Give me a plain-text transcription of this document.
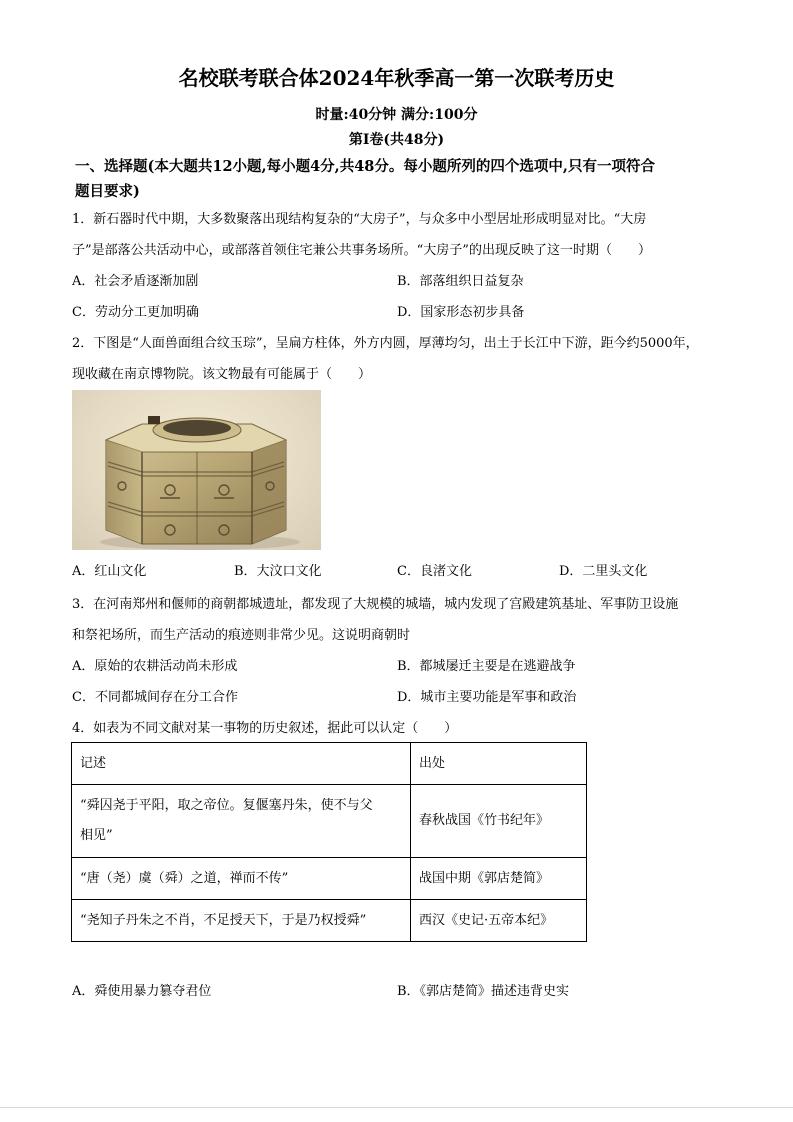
名校联考联合体2024年秋季高一第一次联考历史
时量:40分钟 满分:100分
第Ⅰ卷(共48分)
一、选择题(本大题共12小题,每小题4分,共48分。每小题所列的四个选项中,只有一项符合
题目要求)
1．新石器时代中期，大多数聚落出现结构复杂的“大房子”，与众多中小型居址形成明显对比。“大房
子”是部落公共活动中心，或部落首领住宅兼公共事务场所。“大房子”的出现反映了这一时期（　　）
A．社会矛盾逐渐加剧	B．部落组织日益复杂
C．劳动分工更加明确	D．国家形态初步具备
2．下图是“人面兽面组合纹玉琮”，呈扁方柱体，外方内圆，厚薄均匀，出土于长江中下游，距今约5000年，
现收藏在南京博物院。该文物最有可能属于（　　）
A．红山文化	B．大汶口文化	C．良渚文化	D．二里头文化
3．在河南郑州和偃师的商朝都城遗址，都发现了大规模的城墙，城内发现了宫殿建筑基址、军事防卫设施
和祭祀场所，而生产活动的痕迹则非常少见。这说明商朝时
A．原始的农耕活动尚未形成	B．都城屡迁主要是在逃避战争
C．不同都城间存在分工合作	D．城市主要功能是军事和政治
4．如表为不同文献对某一事物的历史叙述，据此可以认定（　　）
记述	出处

“舜囚尧于平阳，取之帝位。复偃塞丹朱，使不与父
相见”	春秋战国《竹书纪年》
“唐（尧）虞（舜）之道，禅而不传”	战国中期《郭店楚简》
“尧知子丹朱之不肖，不足授天下，于是乃权授舜”	西汉《史记·五帝本纪》
A．舜使用暴力篡夺君位	B．《郭店楚简》描述违背史实
